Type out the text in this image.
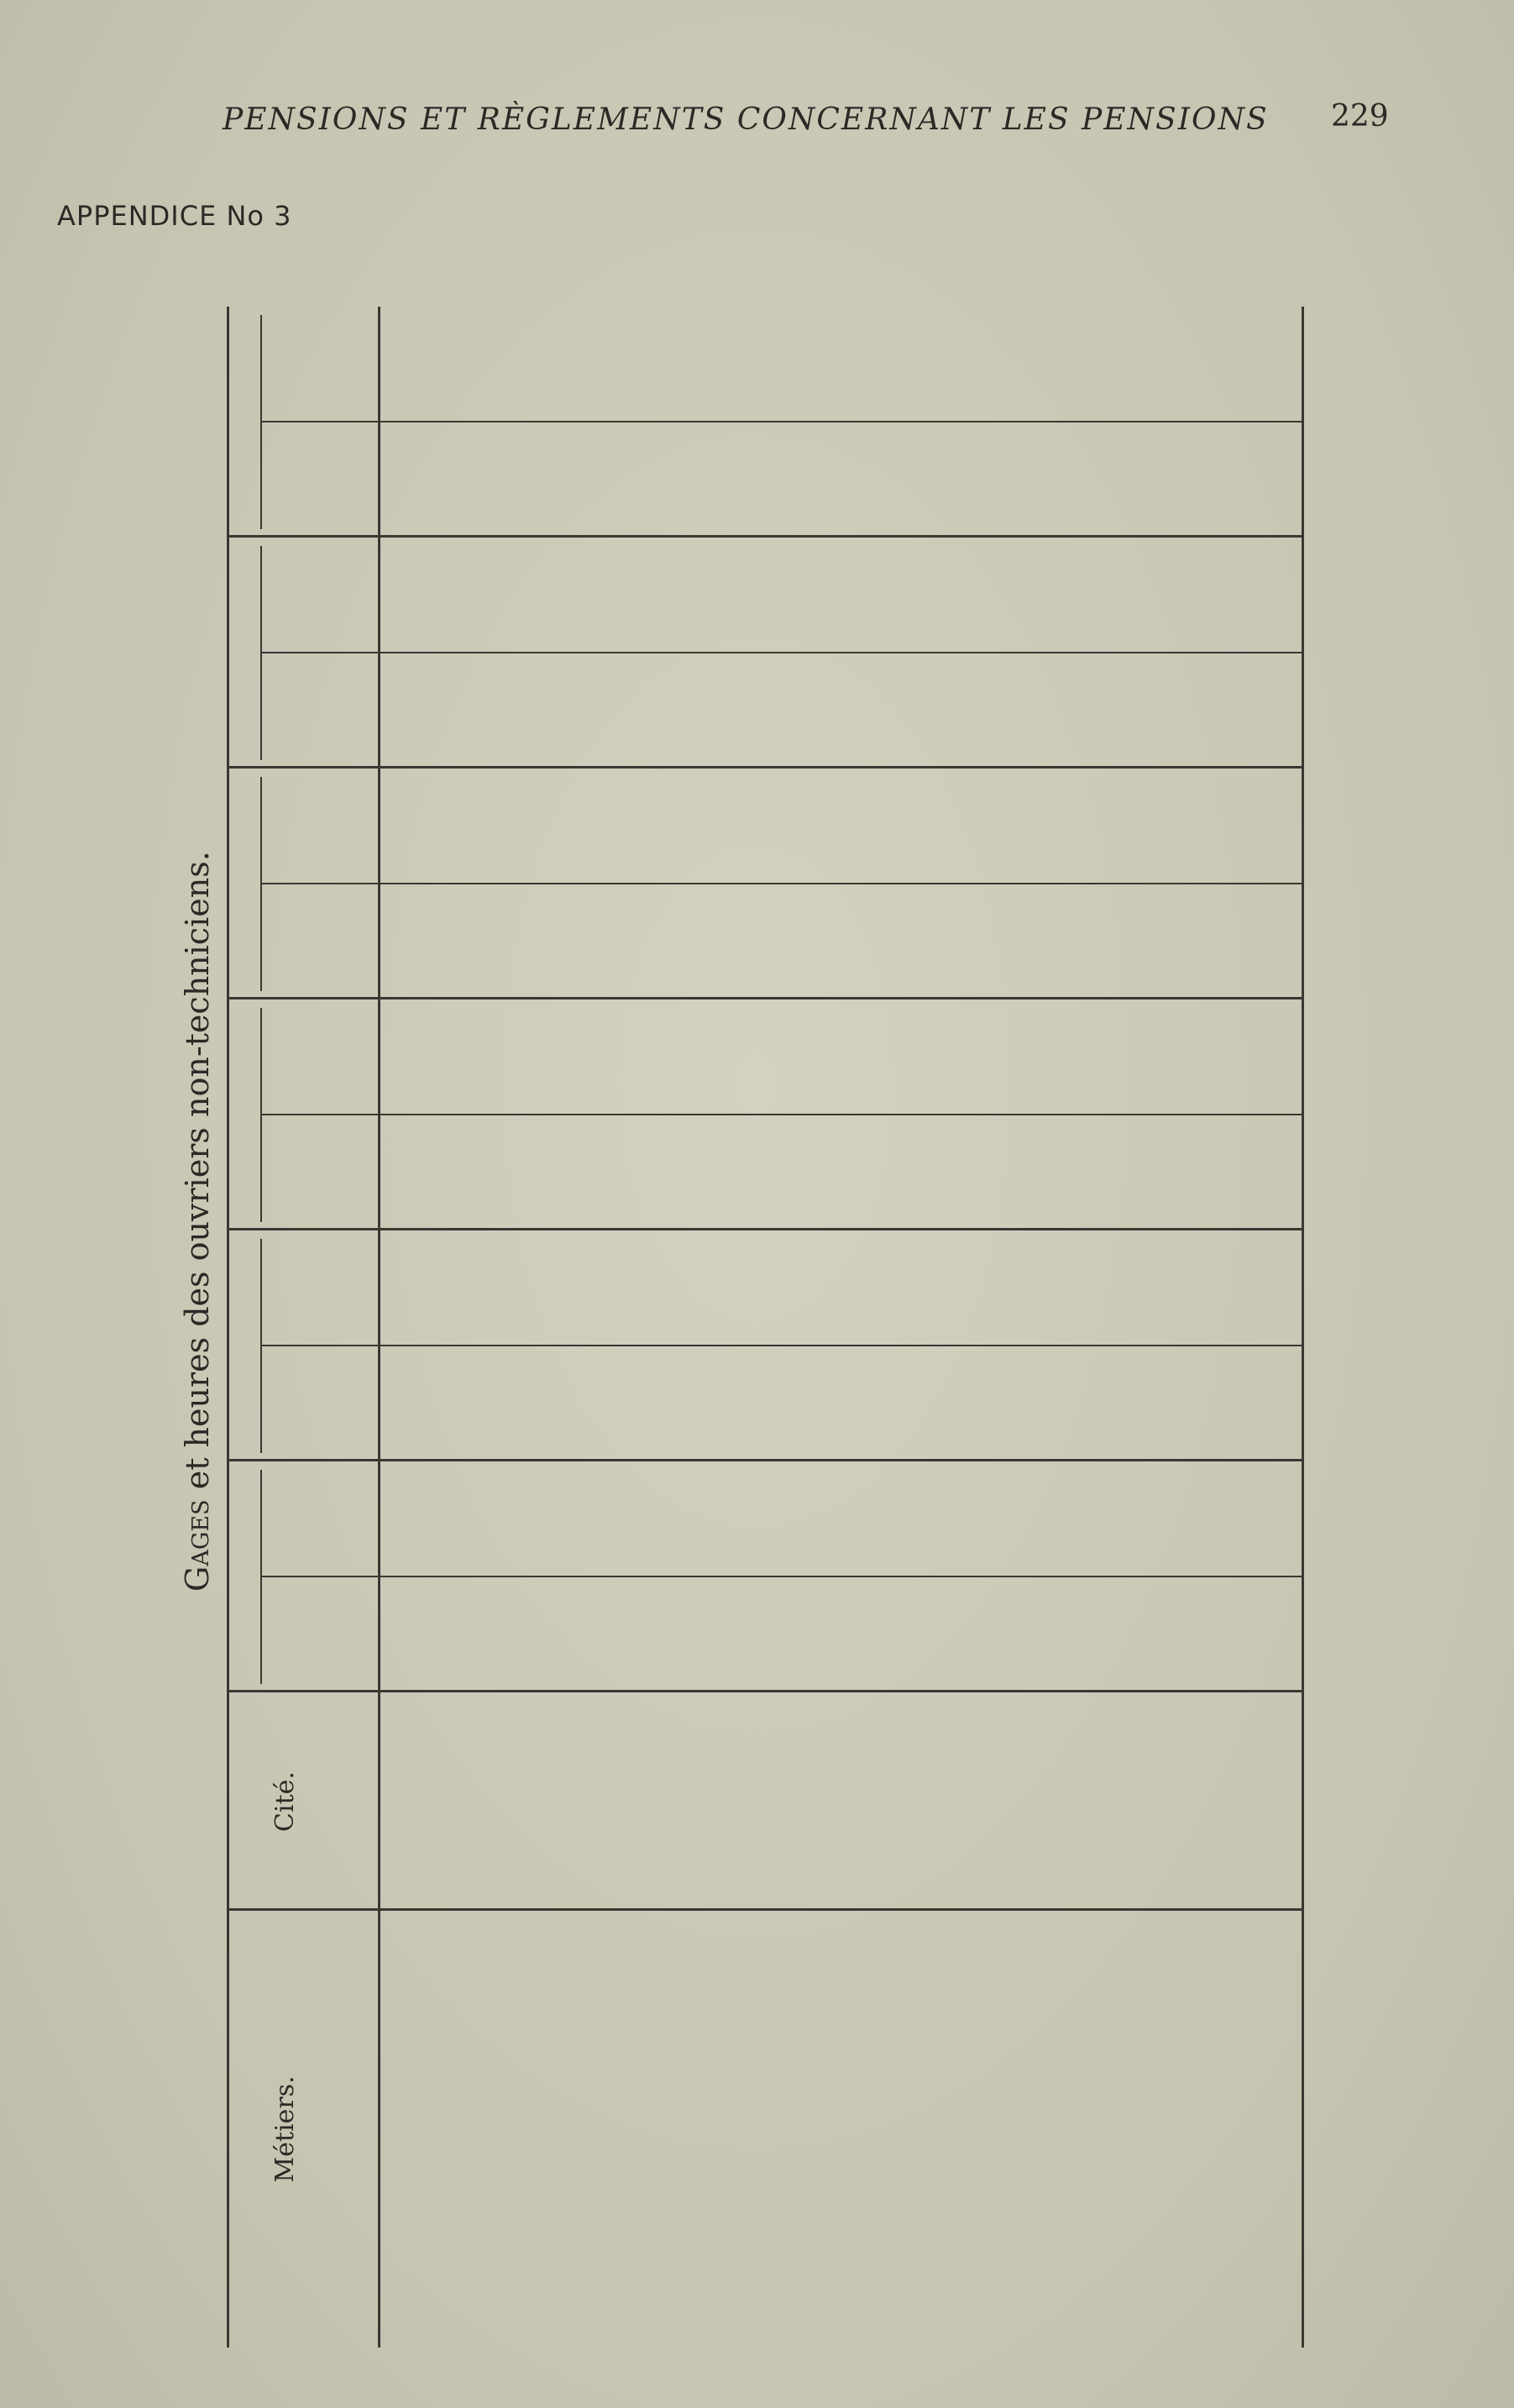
PENSIONS ET RÈGLEMENTS CONCERNANT LES PENSIONS 229
APPENDICE No 3
Gages et heures des ouvriers non-techniciens.
Métiers.
Cité.
